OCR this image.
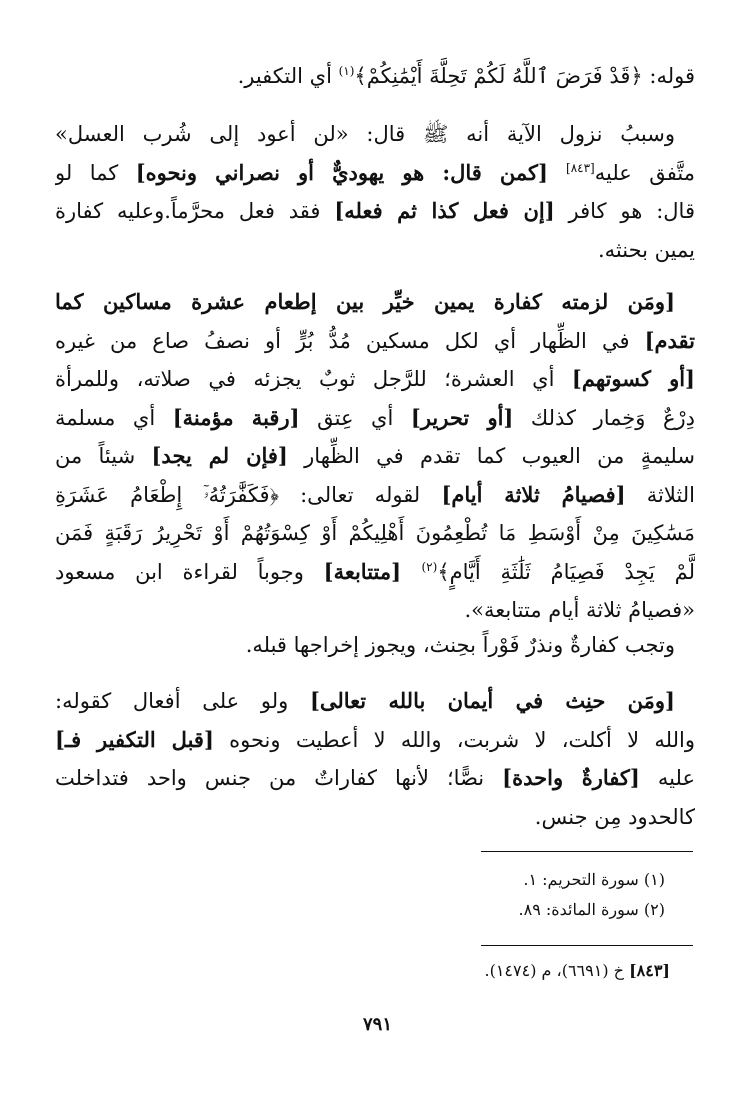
قوله: ﴿قَدْ فَرَضَ ٱللَّهُ لَكُمْ تَحِلَّةَ أَيْمَٰنِكُمْ﴾$^{(١)}$ أي التكفير.

وسببُ نزول الآية أنه ﷺ قال: «لن أعود إلى شُرب العسل»
متَّفق عليه[٨٤٣] [كمن قال: هو يهوديٌّ أو نصراني ونحوه] كما لو
قال: هو كافر [إن فعل كذا ثم فعله] فقد فعل محرَّماً.وعليه كفارة
يمين بحنثه.

[ومَن لزمته كفارة يمين خيِّر بين إطعام عشرة مساكين كما
تقدم] في الظِّهار أي لكل مسكين مُدُّ بُرٍّ أو نصفُ صاع من غيره
[أو كسوتهم] أي العشرة؛ للرَّجل ثوبٌ يجزئه في صلاته، وللمرأة
دِرْعٌ وَخِمار كذلك [أو تحرير] أي عِتق [رقبة مؤمنة] أي مسلمة
سليمةٍ من العيوب كما تقدم في الظِّهار [فإن لم يجد] شيئاً من
الثلاثة [فصيامُ ثلاثة أيام] لقوله تعالى: ﴿فَكَفَّٰرَتُهُۥٓ إِطْعَامُ عَشَرَةِ
مَسَٰكِينَ مِنْ أَوْسَطِ مَا تُطْعِمُونَ أَهْلِيكُمْ أَوْ كِسْوَتُهُمْ أَوْ تَحْرِيرُ رَقَبَةٍ فَمَن
لَّمْ يَجِدْ فَصِيَامُ ثَلَٰثَةِ أَيَّامٍ﴾$^{(٢)}$ [متتابعة] وجوباً لقراءة ابن مسعود
«فصيامُ ثلاثة أيام متتابعة».

وتجب كفارةٌ ونذرٌ فَوْراً بحِنث، ويجوز إخراجها قبله.

[ومَن حنِث في أيمان بالله تعالى] ولو على أفعال كقوله:
والله لا أكلت، لا شربت، والله لا أعطيت ونحوه [قبل التكفير فـ]
عليه [كفارةٌ واحدة] نصًّا؛ لأنها كفاراتٌ من جنس واحد فتداخلت
كالحدود مِن جنس.

(١) سورة التحريم: ١.
(٢) سورة المائدة: ٨٩.
[٨٤٣] خ (٦٦٩١)، م (١٤٧٤).
٧٩١
